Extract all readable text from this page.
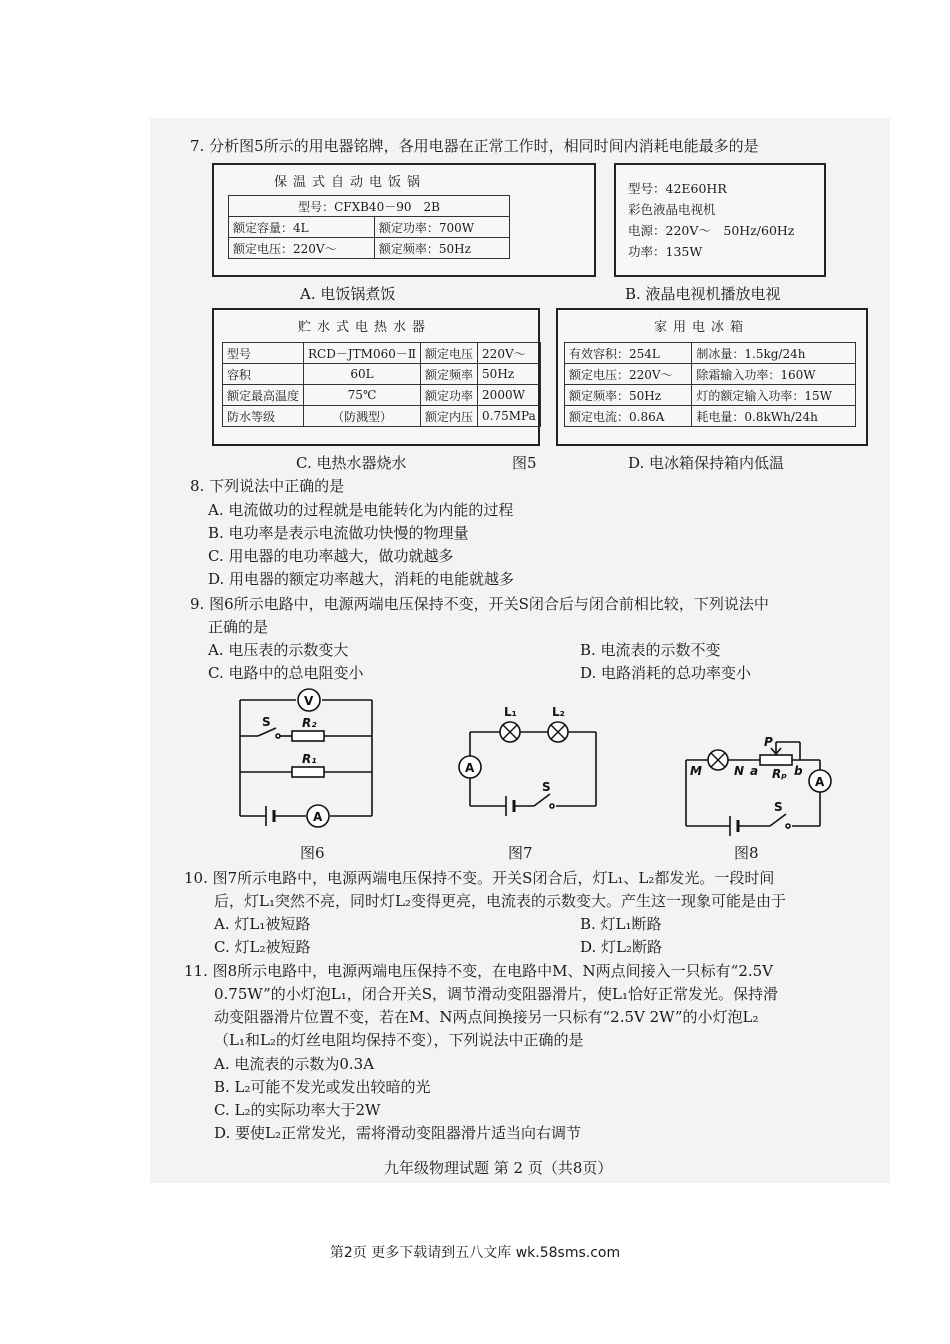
7. 分析图5所示的用电器铭牌，各用电器在正常工作时，相同时间内消耗电能最多的是
保温式自动电饭锅
型号：CFXB40－90　2B	
额定容量：4L	额定功率：700W
额定电压：220V～	额定频率：50Hz
型号：42E60HR
彩色液晶电视机
电源：220V～　50Hz/60Hz
功率：135W
A. 电饭锅煮饭	B. 液晶电视机播放电视
贮水式电热水器
型号	RCD－JTM060－Ⅱ	额定电压	220V～
容积	60L	额定频率	50Hz
额定最高温度	75℃	额定功率	2000W
防水等级	（防溅型）	额定内压	0.75MPa
家用电冰箱
有效容积：254L	制冰量：1.5kg/24h
额定电压：220V～	除霜输入功率：160W
额定频率：50Hz	灯的额定输入功率：15W
额定电流：0.86A	耗电量：0.8kWh/24h
C. 电热水器烧水	图5	D. 电冰箱保持箱内低温
8. 下列说法中正确的是
A. 电流做功的过程就是电能转化为内能的过程
B. 电功率是表示电流做功快慢的物理量
C. 用电器的电功率越大，做功就越多
D. 用电器的额定功率越大，消耗的电能就越多
9. 图6所示电路中，电源两端电压保持不变，开关S闭合后与闭合前相比较，下列说法中
正确的是
A. 电压表的示数变大	B. 电流表的示数不变
C. 电路中的总电阻变小	D. 电路消耗的总功率变小
V
A
S	R₂
R₁
L₁	L₂
A
S
P
M	N a	b
Rₚ
A
S
图6	图7	图8
10. 图7所示电路中，电源两端电压保持不变。开关S闭合后，灯L₁、L₂都发光。一段时间
后，灯L₁突然不亮，同时灯L₂变得更亮，电流表的示数变大。产生这一现象可能是由于
A. 灯L₁被短路	B. 灯L₁断路
C. 灯L₂被短路	D. 灯L₂断路
11. 图8所示电路中，电源两端电压保持不变，在电路中M、N两点间接入一只标有“2.5V
0.75W”的小灯泡L₁，闭合开关S，调节滑动变阻器滑片，使L₁恰好正常发光。保持滑
动变阻器滑片位置不变，若在M、N两点间换接另一只标有“2.5V 2W”的小灯泡L₂
（L₁和L₂的灯丝电阻均保持不变），下列说法中正确的是
A. 电流表的示数为0.3A
B. L₂可能不发光或发出较暗的光
C. L₂的实际功率大于2W
D. 要使L₂正常发光，需将滑动变阻器滑片适当向右调节
九年级物理试题 第 2 页（共8页）
第2页 更多下载请到五八文库 wk.58sms.com
